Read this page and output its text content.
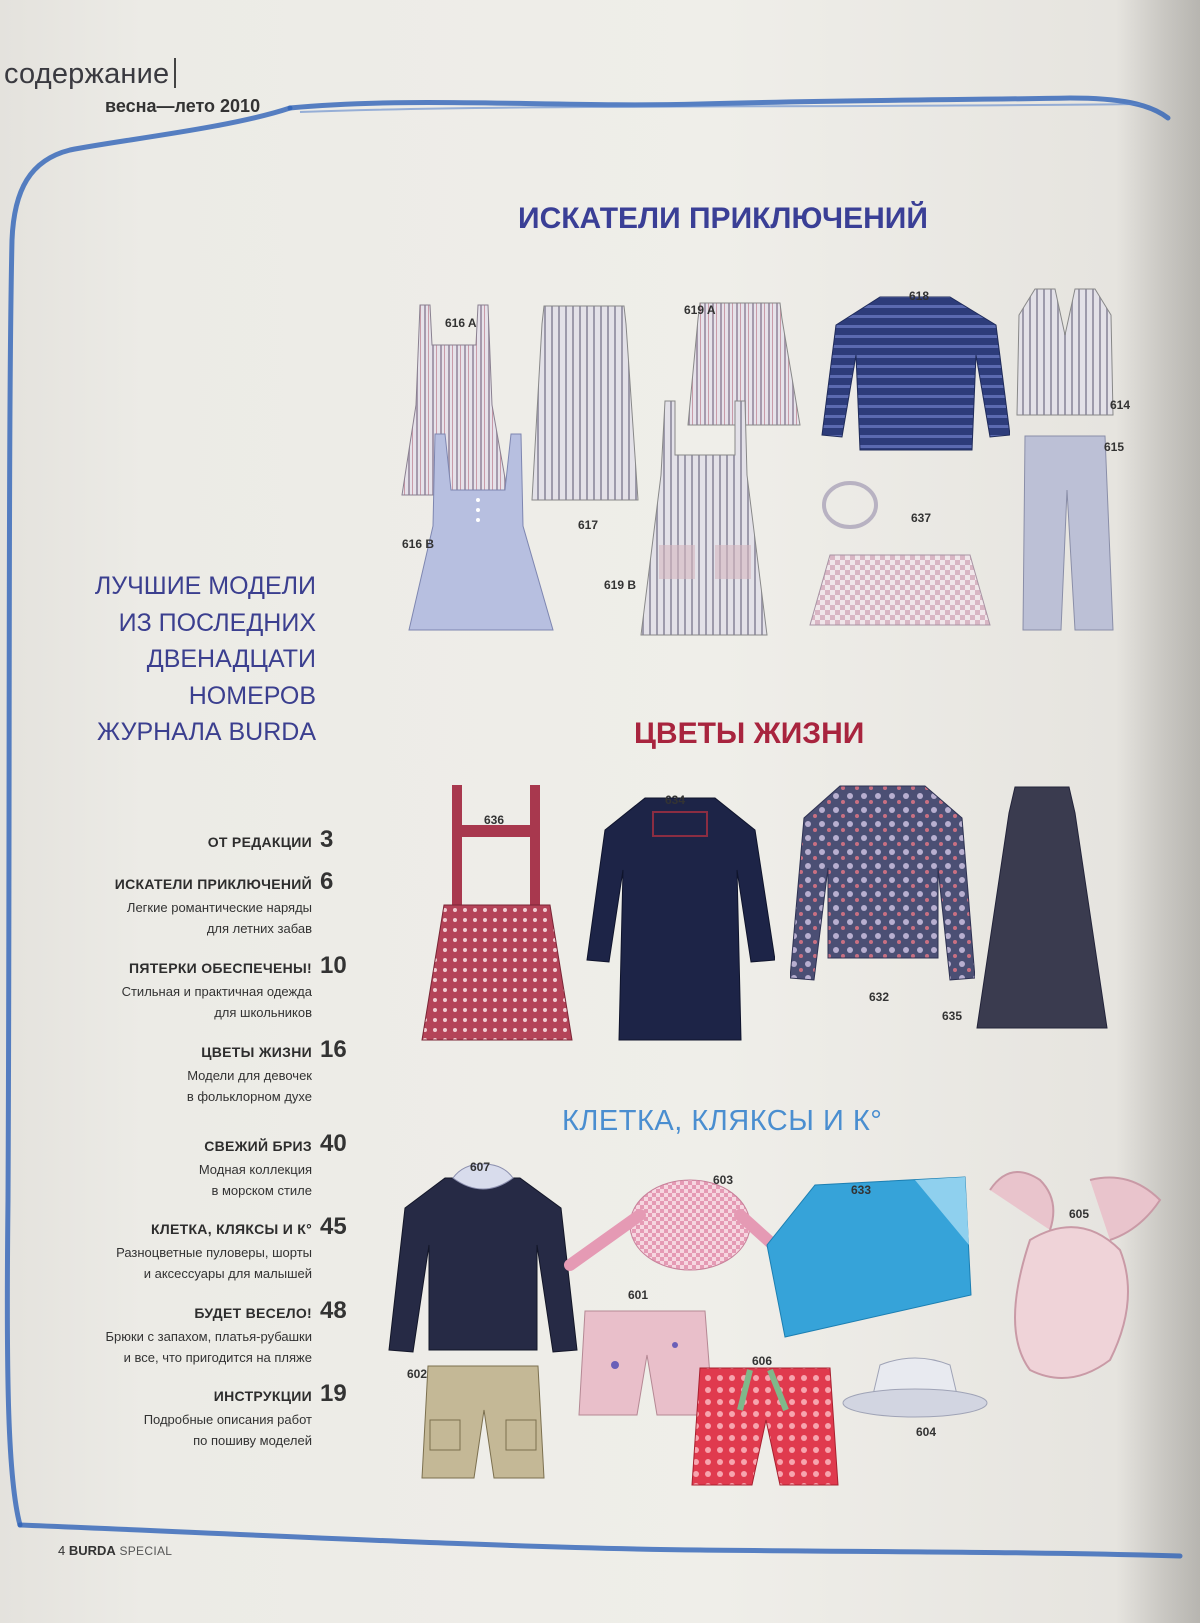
содержание
весна—лето 2010
ИСКАТЕЛИ ПРИКЛЮЧЕНИЙ
ЦВЕТЫ ЖИЗНИ
КЛЕТКА, КЛЯКСЫ И К°
ЛУЧШИЕ МОДЕЛИ
ИЗ ПОСЛЕДНИХ
ДВЕНАДЦАТИ
НОМЕРОВ
ЖУРНАЛА BURDA
ОТ РЕДАКЦИИ 3
ИСКАТЕЛИ ПРИКЛЮЧЕНИЙ 6
Легкие романтические наряды
для летних забав
ПЯТЕРКИ ОБЕСПЕЧЕНЫ! 10
Стильная и практичная одежда
для школьников
ЦВЕТЫ ЖИЗНИ 16
Модели для девочек
в фольклорном духе
СВЕЖИЙ БРИЗ 40
Модная коллекция
в морском стиле
КЛЕТКА, КЛЯКСЫ И К° 45
Разноцветные пуловеры, шорты
и аксессуары для малышей
БУДЕТ ВЕСЕЛО! 48
Брюки с запахом, платья-рубашки
и все, что пригодится на пляже
ИНСТРУКЦИИ 19
Подробные описания работ
по пошиву моделей
616 A
616 B
617
619 A
619 B
618
614
615
637
636
634
632
635
607
603
633
605
601
606
602
604
4 BURDA SPECIAL
